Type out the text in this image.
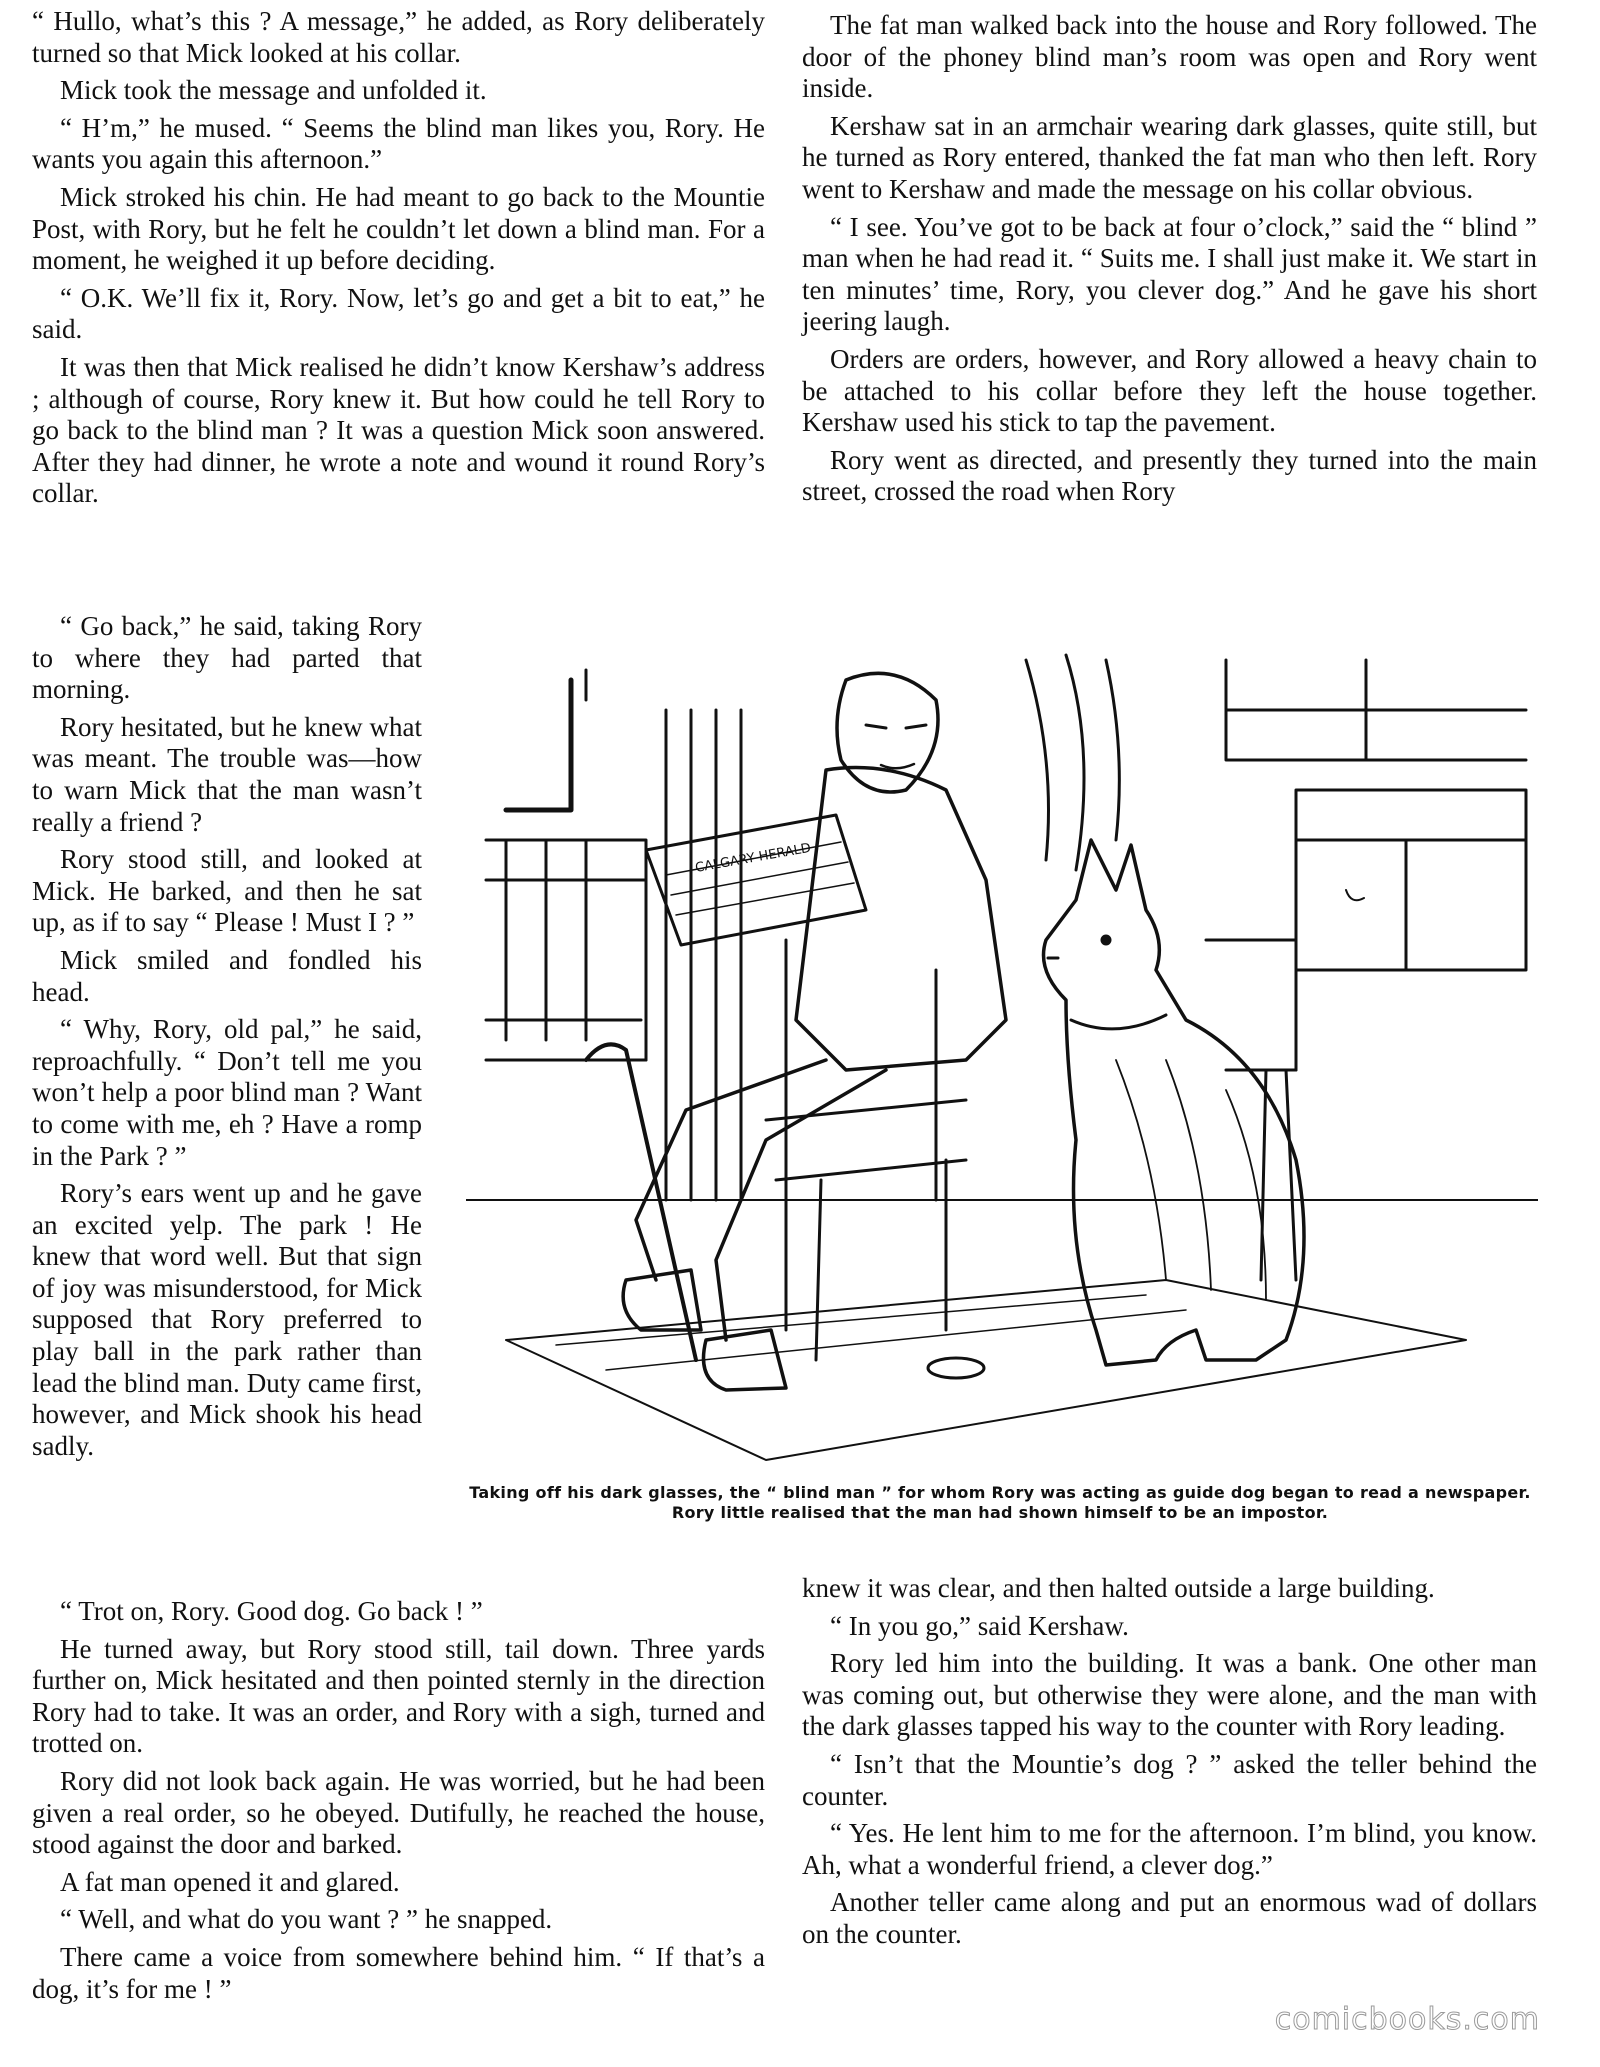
“ Hullo, what’s this ? A message,” he added, as Rory deliberately turned so that Mick looked at his collar.

Mick took the message and unfolded it.

“ H’m,” he mused. “ Seems the blind man likes you, Rory. He wants you again this afternoon.”

Mick stroked his chin. He had meant to go back to the Mountie Post, with Rory, but he felt he couldn’t let down a blind man. For a moment, he weighed it up before deciding.

“ O.K. We’ll fix it, Rory. Now, let’s go and get a bit to eat,” he said.

It was then that Mick realised he didn’t know Kershaw’s address ; although of course, Rory knew it. But how could he tell Rory to go back to the blind man ? It was a question Mick soon answered. After they had dinner, he wrote a note and wound it round Rory’s collar.

“ Go back,” he said, taking Rory to where they had parted that morning.

Rory hesitated, but he knew what was meant. The trouble was—how to warn Mick that the man wasn’t really a friend ?

Rory stood still, and looked at Mick. He barked, and then he sat up, as if to say “ Please ! Must I ? ”

Mick smiled and fondled his head.

“ Why, Rory, old pal,” he said, reproachfully. “ Don’t tell me you won’t help a poor blind man ? Want to come with me, eh ? Have a romp in the Park ? ”

Rory’s ears went up and he gave an excited yelp. The park ! He knew that word well. But that sign of joy was misunderstood, for Mick supposed that Rory preferred to play ball in the park rather than lead the blind man. Duty came first, however, and Mick shook his head sadly.

“ Trot on, Rory. Good dog. Go back ! ”

He turned away, but Rory stood still, tail down. Three yards further on, Mick hesitated and then pointed sternly in the direction Rory had to take. It was an order, and Rory with a sigh, turned and trotted on.

Rory did not look back again. He was worried, but he had been given a real order, so he obeyed. Dutifully, he reached the house, stood against the door and barked.

A fat man opened it and glared.

“ Well, and what do you want ? ” he snapped.

There came a voice from somewhere behind him. “ If that’s a dog, it’s for me ! ”

The fat man walked back into the house and Rory followed. The door of the phoney blind man’s room was open and Rory went inside.

Kershaw sat in an armchair wearing dark glasses, quite still, but he turned as Rory entered, thanked the fat man who then left. Rory went to Kershaw and made the message on his collar obvious.

“ I see. You’ve got to be back at four o’clock,” said the “ blind ” man when he had read it. “ Suits me. I shall just make it. We start in ten minutes’ time, Rory, you clever dog.” And he gave his short jeering laugh.

Orders are orders, however, and Rory allowed a heavy chain to be attached to his collar before they left the house together. Kershaw used his stick to tap the pavement.

Rory went as directed, and presently they turned into the main street, crossed the road when Rory

CALGARY HERALD
Taking off his dark glasses, the “ blind man ” for whom Rory was acting as guide dog began to read a newspaper. Rory little realised that the man had shown himself to be an impostor.

knew it was clear, and then halted outside a large building.

“ In you go,” said Kershaw.

Rory led him into the building. It was a bank. One other man was coming out, but otherwise they were alone, and the man with the dark glasses tapped his way to the counter with Rory leading.

“ Isn’t that the Mountie’s dog ? ” asked the teller behind the counter.

“ Yes. He lent him to me for the afternoon. I’m blind, you know. Ah, what a wonderful friend, a clever dog.”

Another teller came along and put an enormous wad of dollars on the counter.

comicbooks.com
